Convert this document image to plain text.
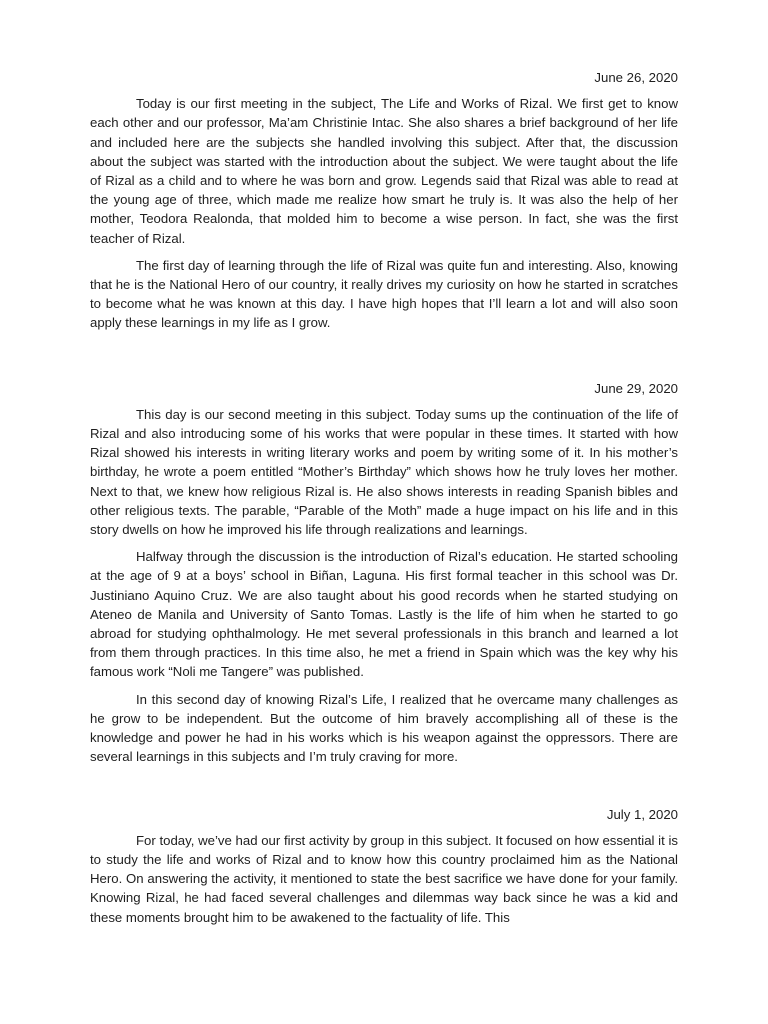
June 26, 2020

Today is our first meeting in the subject, The Life and Works of Rizal. We first get to know each other and our professor, Ma’am Christinie Intac. She also shares a brief background of her life and included here are the subjects she handled involving this subject. After that, the discussion about the subject was started with the introduction about the subject. We were taught about the life of Rizal as a child and to where he was born and grow. Legends said that Rizal was able to read at the young age of three, which made me realize how smart he truly is. It was also the help of her mother, Teodora Realonda, that molded him to become a wise person. In fact, she was the first teacher of Rizal.

The first day of learning through the life of Rizal was quite fun and interesting. Also, knowing that he is the National Hero of our country, it really drives my curiosity on how he started in scratches to become what he was known at this day. I have high hopes that I’ll learn a lot and will also soon apply these learnings in my life as I grow.

June 29, 2020

This day is our second meeting in this subject. Today sums up the continuation of the life of Rizal and also introducing some of his works that were popular in these times. It started with how Rizal showed his interests in writing literary works and poem by writing some of it. In his mother’s birthday, he wrote a poem entitled “Mother’s Birthday” which shows how he truly loves her mother. Next to that, we knew how religious Rizal is. He also shows interests in reading Spanish bibles and other religious texts. The parable, “Parable of the Moth” made a huge impact on his life and in this story dwells on how he improved his life through realizations and learnings.

Halfway through the discussion is the introduction of Rizal’s education. He started schooling at the age of 9 at a boys’ school in Biñan, Laguna. His first formal teacher in this school was Dr. Justiniano Aquino Cruz. We are also taught about his good records when he started studying on Ateneo de Manila and University of Santo Tomas. Lastly is the life of him when he started to go abroad for studying ophthalmology. He met several professionals in this branch and learned a lot from them through practices. In this time also, he met a friend in Spain which was the key why his famous work “Noli me Tangere” was published.

In this second day of knowing Rizal’s Life, I realized that he overcame many challenges as he grow to be independent. But the outcome of him bravely accomplishing all of these is the knowledge and power he had in his works which is his weapon against the oppressors. There are several learnings in this subjects and I’m truly craving for more.

July 1, 2020

For today, we’ve had our first activity by group in this subject. It focused on how essential it is to study the life and works of Rizal and to know how this country proclaimed him as the National Hero. On answering the activity, it mentioned to state the best sacrifice we have done for your family. Knowing Rizal, he had faced several challenges and dilemmas way back since he was a kid and these moments brought him to be awakened to the factuality of life. This
